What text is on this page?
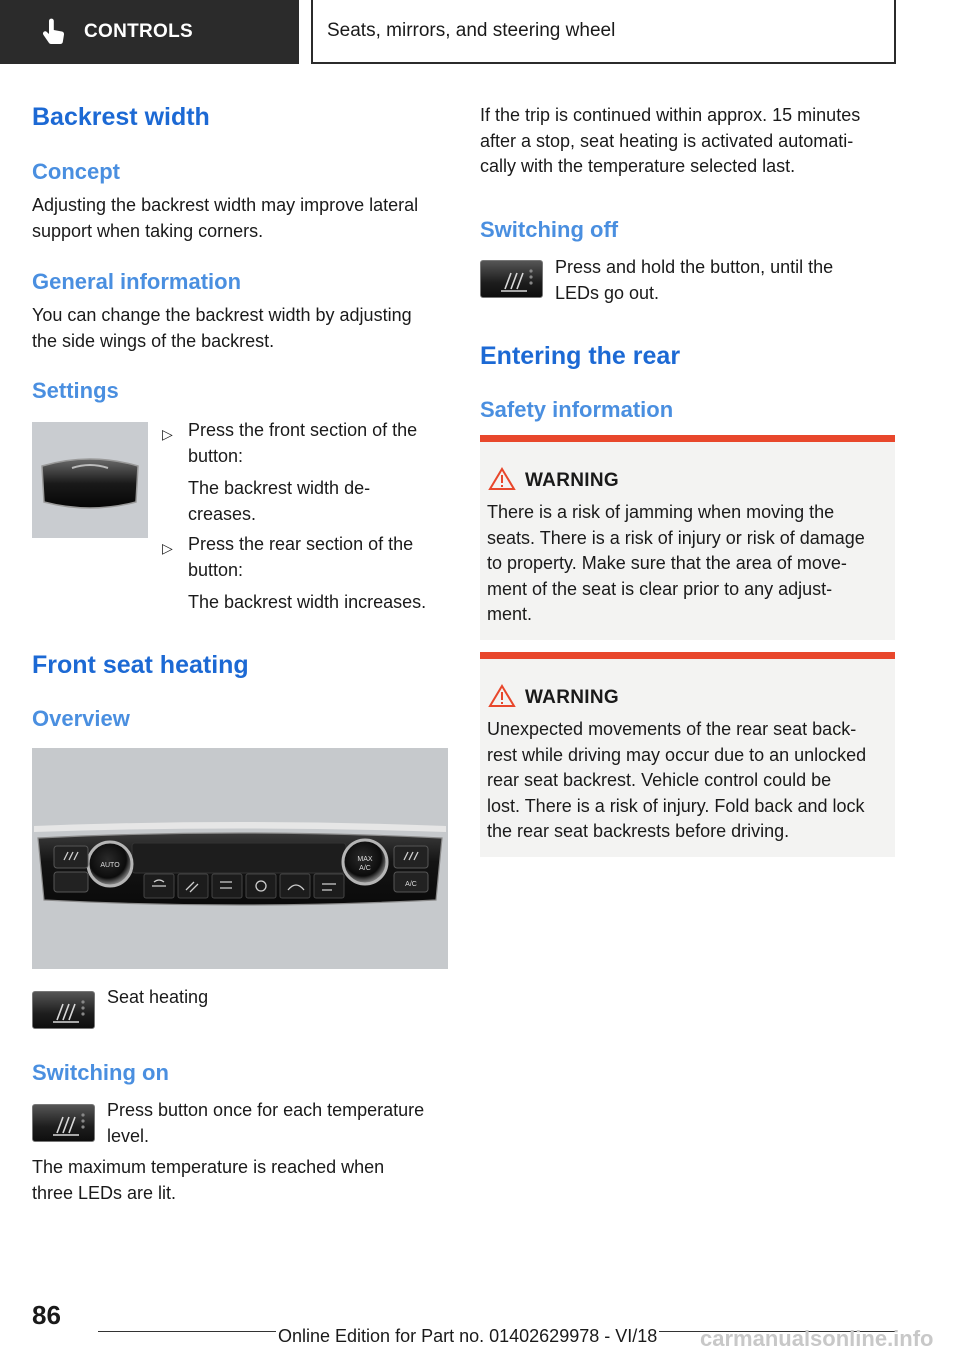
CONTROLS	Seats, mirrors, and steering wheel
Backrest width
Concept
Adjusting the backrest width may improve lateral
support when taking corners.
General information
You can change the backrest width by adjusting
the side wings of the backrest.
Settings
▷ Press the front section of the
button:
The backrest width de-
creases.
▷ Press the rear section of the
button:
The backrest width increases.
Front seat heating
Overview
AUTO
MAX
A/C
A/C
Seat heating
Switching on
Press button once for each temperature
level.
The maximum temperature is reached when
three LEDs are lit.
If the trip is continued within approx. 15 minutes
after a stop, seat heating is activated automati-
cally with the temperature selected last.
Switching off
Press and hold the button, until the
LEDs go out.
Entering the rear
Safety information
WARNING
There is a risk of jamming when moving the
seats. There is a risk of injury or risk of damage
to property. Make sure that the area of move-
ment of the seat is clear prior to any adjust-
ment.
WARNING
Unexpected movements of the rear seat back-
rest while driving may occur due to an unlocked
rear seat backrest. Vehicle control could be
lost. There is a risk of injury. Fold back and lock
the rear seat backrests before driving.
86
Online Edition for Part no. 01402629978 - VI/18 carmanualsonline.info
